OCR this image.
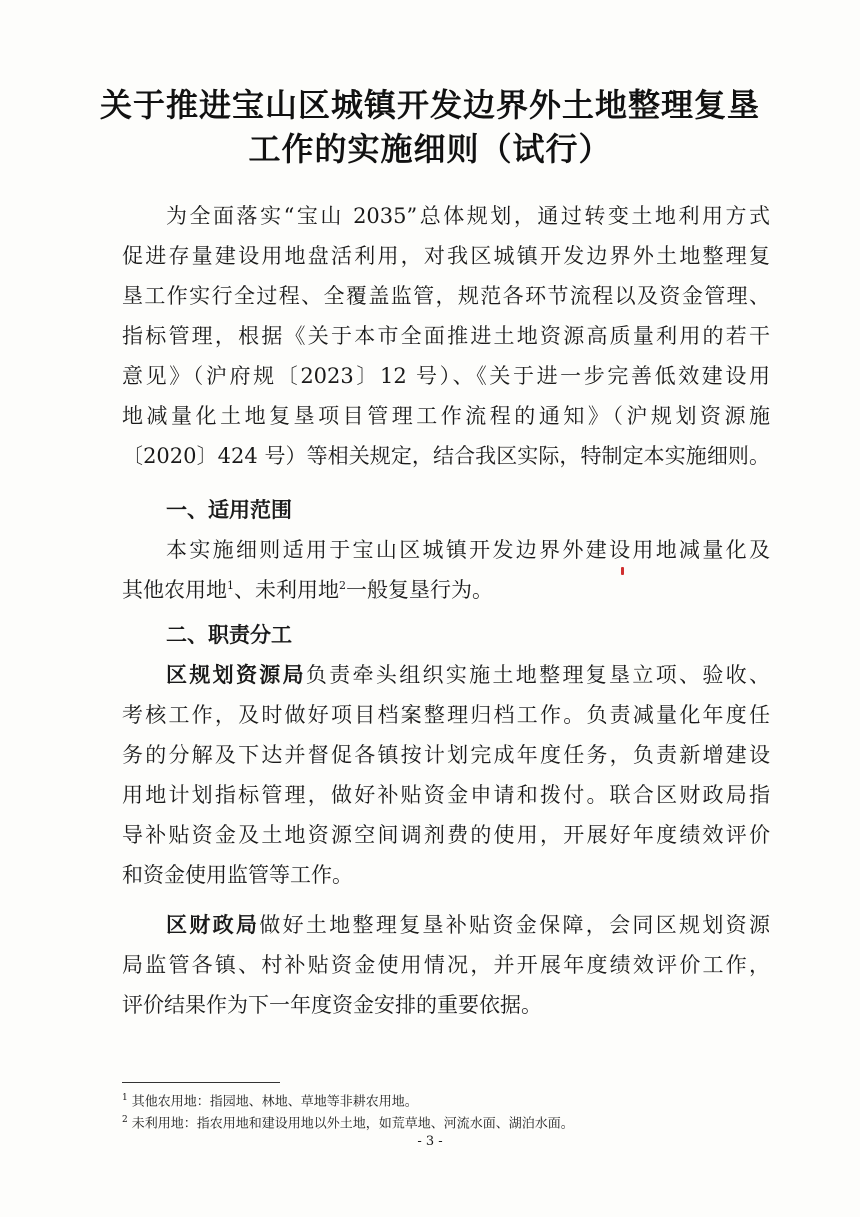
关于推进宝山区城镇开发边界外土地整理复垦
工作的实施细则（试行）
为全面落实“宝山 2035”总体规划，通过转变土地利用方式
促进存量建设用地盘活利用，对我区城镇开发边界外土地整理复
垦工作实行全过程、全覆盖监管，规范各环节流程以及资金管理、
指标管理，根据《关于本市全面推进土地资源高质量利用的若干
意见》（沪府规〔2023〕12 号）、《关于进一步完善低效建设用
地减量化土地复垦项目管理工作流程的通知》（沪规划资源施
〔2020〕424 号）等相关规定，结合我区实际，特制定本实施细则。
一、适用范围
本实施细则适用于宝山区城镇开发边界外建设用地减量化及
其他农用地$^1$、未利用地$^2$一般复垦行为。
二、职责分工
区规划资源局负责牵头组织实施土地整理复垦立项、验收、
考核工作，及时做好项目档案整理归档工作。负责减量化年度任
务的分解及下达并督促各镇按计划完成年度任务，负责新增建设
用地计划指标管理，做好补贴资金申请和拨付。联合区财政局指
导补贴资金及土地资源空间调剂费的使用，开展好年度绩效评价
和资金使用监管等工作。
区财政局做好土地整理复垦补贴资金保障，会同区规划资源
局监管各镇、村补贴资金使用情况，并开展年度绩效评价工作，
评价结果作为下一年度资金安排的重要依据。
$^1$ 其他农用地：指园地、林地、草地等非耕农用地。
$^2$ 未利用地：指农用地和建设用地以外土地，如荒草地、河流水面、湖泊水面。
- 3 -
